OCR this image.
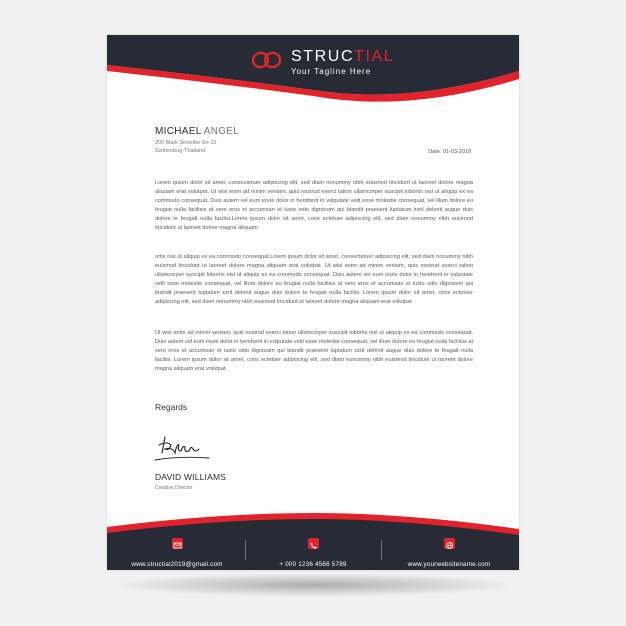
STRUCTIAL
Your Tagline Here
MICHAEL ANGEL
200 Mark Streetbe Sn-12
Gothenbug-Thailand	Date: 01-03-2019

Lorem ipsum dolor sit amet, consectetuer adipiscing elit, sed diam nonummy nibh euismod tincidunt ut laoreet dolore magna aliquam erat volutpat. Ut wisi enim ad minim veniam, quis nostrud exerci tation ullamcorper suscipit lobortis nisl ut aliquip ex ea commodo consequat. Duis autem vel eum iriure dolor in hendrerit in vulputate velit esse molestie consequat, vel illum dolore eu feugiat nulla facilisis at vero eros et accumsan et iusto odio dignissim qui blandit praesent luptatum zzril delenit augue duis dolore te feugait nulla facilisi.Lorem ipsum dolor sit amet, cons ectetuer adipiscing elit, sed diam nonummy nibh euismod tincidunt ut laoreet dolore magna aliquam.

ortis nisl ut aliquip ex ea commodo consequat.Lorem ipsum dolor sit amet, consectetuer adipiscing elit, sed diam nonummy nibh euismod tincidunt ut laoreet dolore magna aliquam erat volutpat. Ut wisi enim ad minim veniam, quis nostrud exerci tation ullamcorper suscipit lobortis nisl ut aliquip ex ea commodo consequat. Duis autem vel eum iriure dolor in hendrerit in vulputate velit esse molestie consequat, vel illum dolore eu feugiat nulla facilisis at vero eros et accumsan et iusto odio dignissim qui blandit praesent luptatum zzril delenit augue duis dolore te feugait nulla facilisi. Lorem ipsum dolor sit amet, cons ectetuer adipiscing elit, sed diam nonummy nibh euismod tincidunt ut laoreet dolore magna aliquam erat volutpat .

Ut wisi enim ad minim veniam, quis nostrud exerci tation ullamcorper suscipit lobortis nisl ut aliquip ex ea commodo consequat. Duis autem vel eum iriure dolor in hendrerit in vulputate velit esse molestie consequat, vel illum dolore eu feugiat nulla facilisis at vero eros et accumsan et iusto odio dignissim qui blandit praesent luptatum zzril delenit augue duis dolore te feugait nulla facilisi. Lorem ipsum dolor sit amet, cons ectetuer adipiscing elit, sed diam nonummy nibh euismod tincidunt ut laoreet dolore magna aliquam erat volutpat.

Regards
DAVID WILLIAMS
Creative Director
www.structial2019@gmail.com	+ 000 1236 4566 5789	www.yourwebsitename.com
